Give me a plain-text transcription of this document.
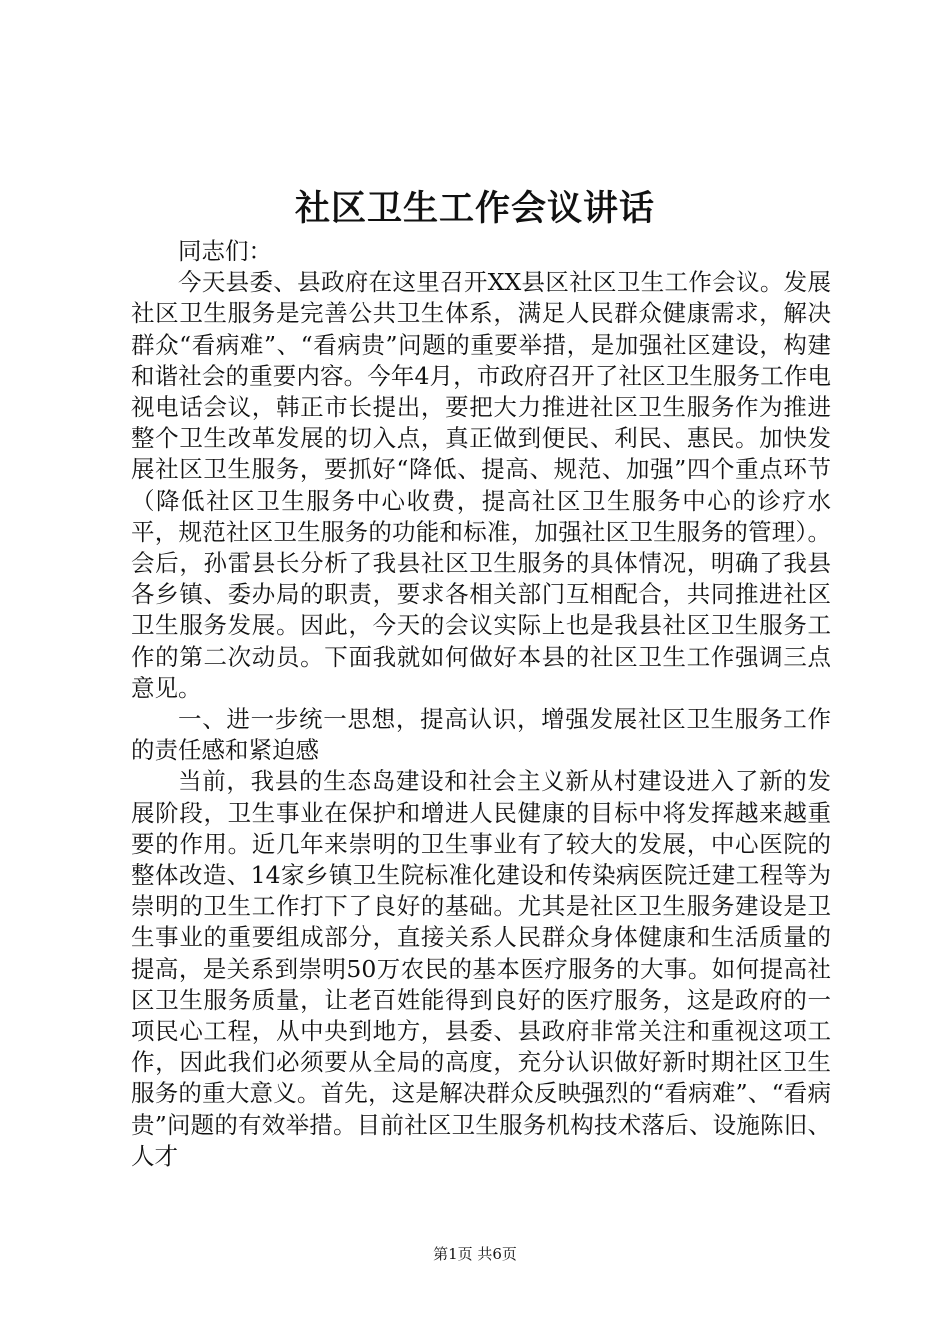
社区卫生工作会议讲话

同志们：

今天县委、县政府在这里召开XX县区社区卫生工作会议。发展社区卫生服务是完善公共卫生体系，满足人民群众健康需求，解决群众“看病难”、“看病贵”问题的重要举措，是加强社区建设，构建和谐社会的重要内容。今年4月，市政府召开了社区卫生服务工作电视电话会议，韩正市长提出，要把大力推进社区卫生服务作为推进整个卫生改革发展的切入点，真正做到便民、利民、惠民。加快发展社区卫生服务，要抓好“降低、提高、规范、加强”四个重点环节（降低社区卫生服务中心收费，提高社区卫生服务中心的诊疗水平，规范社区卫生服务的功能和标准，加强社区卫生服务的管理）。会后，孙雷县长分析了我县社区卫生服务的具体情况，明确了我县各乡镇、委办局的职责，要求各相关部门互相配合，共同推进社区卫生服务发展。因此，今天的会议实际上也是我县社区卫生服务工作的第二次动员。下面我就如何做好本县的社区卫生工作强调三点意见。

一、进一步统一思想，提高认识，增强发展社区卫生服务工作的责任感和紧迫感

当前，我县的生态岛建设和社会主义新从村建设进入了新的发展阶段，卫生事业在保护和增进人民健康的目标中将发挥越来越重要的作用。近几年来崇明的卫生事业有了较大的发展，中心医院的整体改造、14家乡镇卫生院标准化建设和传染病医院迁建工程等为崇明的卫生工作打下了良好的基础。尤其是社区卫生服务建设是卫生事业的重要组成部分，直接关系人民群众身体健康和生活质量的提高，是关系到崇明50万农民的基本医疗服务的大事。如何提高社区卫生服务质量，让老百姓能得到良好的医疗服务，这是政府的一项民心工程，从中央到地方，县委、县政府非常关注和重视这项工作，因此我们必须要从全局的高度，充分认识做好新时期社区卫生服务的重大意义。首先，这是解决群众反映强烈的“看病难”、“看病贵”问题的有效举措。目前社区卫生服务机构技术落后、设施陈旧、人才

第1页 共6页
